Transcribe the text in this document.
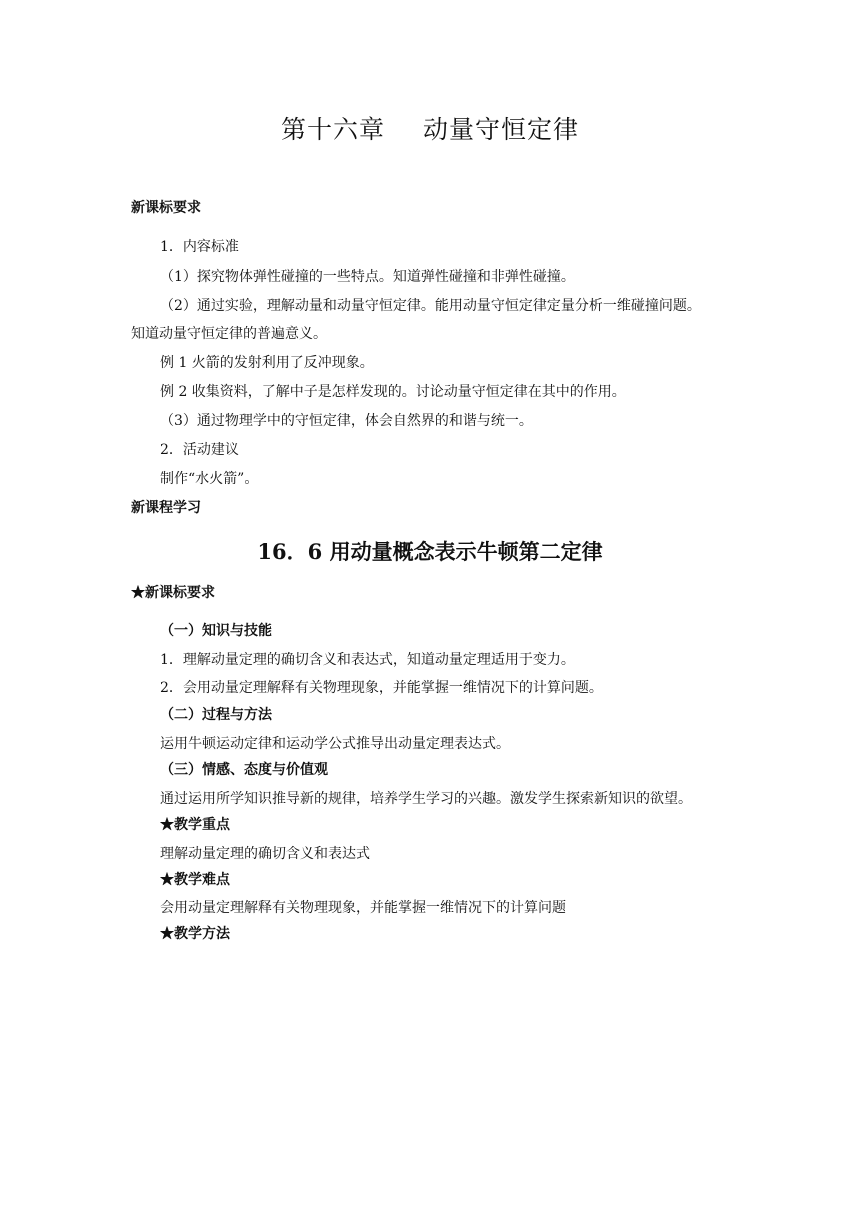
第十六章 动量守恒定律
新课标要求
1．内容标准
（1）探究物体弹性碰撞的一些特点。知道弹性碰撞和非弹性碰撞。
（2）通过实验，理解动量和动量守恒定律。能用动量守恒定律定量分析一维碰撞问题。
知道动量守恒定律的普遍意义。
例 1 火箭的发射利用了反冲现象。
例 2 收集资料，了解中子是怎样发现的。讨论动量守恒定律在其中的作用。
（3）通过物理学中的守恒定律，体会自然界的和谐与统一。
2．活动建议
制作“水火箭”。
新课程学习
16．6 用动量概念表示牛顿第二定律
★新课标要求
（一）知识与技能
1．理解动量定理的确切含义和表达式，知道动量定理适用于变力。
2．会用动量定理解释有关物理现象，并能掌握一维情况下的计算问题。
（二）过程与方法
运用牛顿运动定律和运动学公式推导出动量定理表达式。
（三）情感、态度与价值观
通过运用所学知识推导新的规律，培养学生学习的兴趣。激发学生探索新知识的欲望。
★教学重点
理解动量定理的确切含义和表达式
★教学难点
会用动量定理解释有关物理现象，并能掌握一维情况下的计算问题
★教学方法
